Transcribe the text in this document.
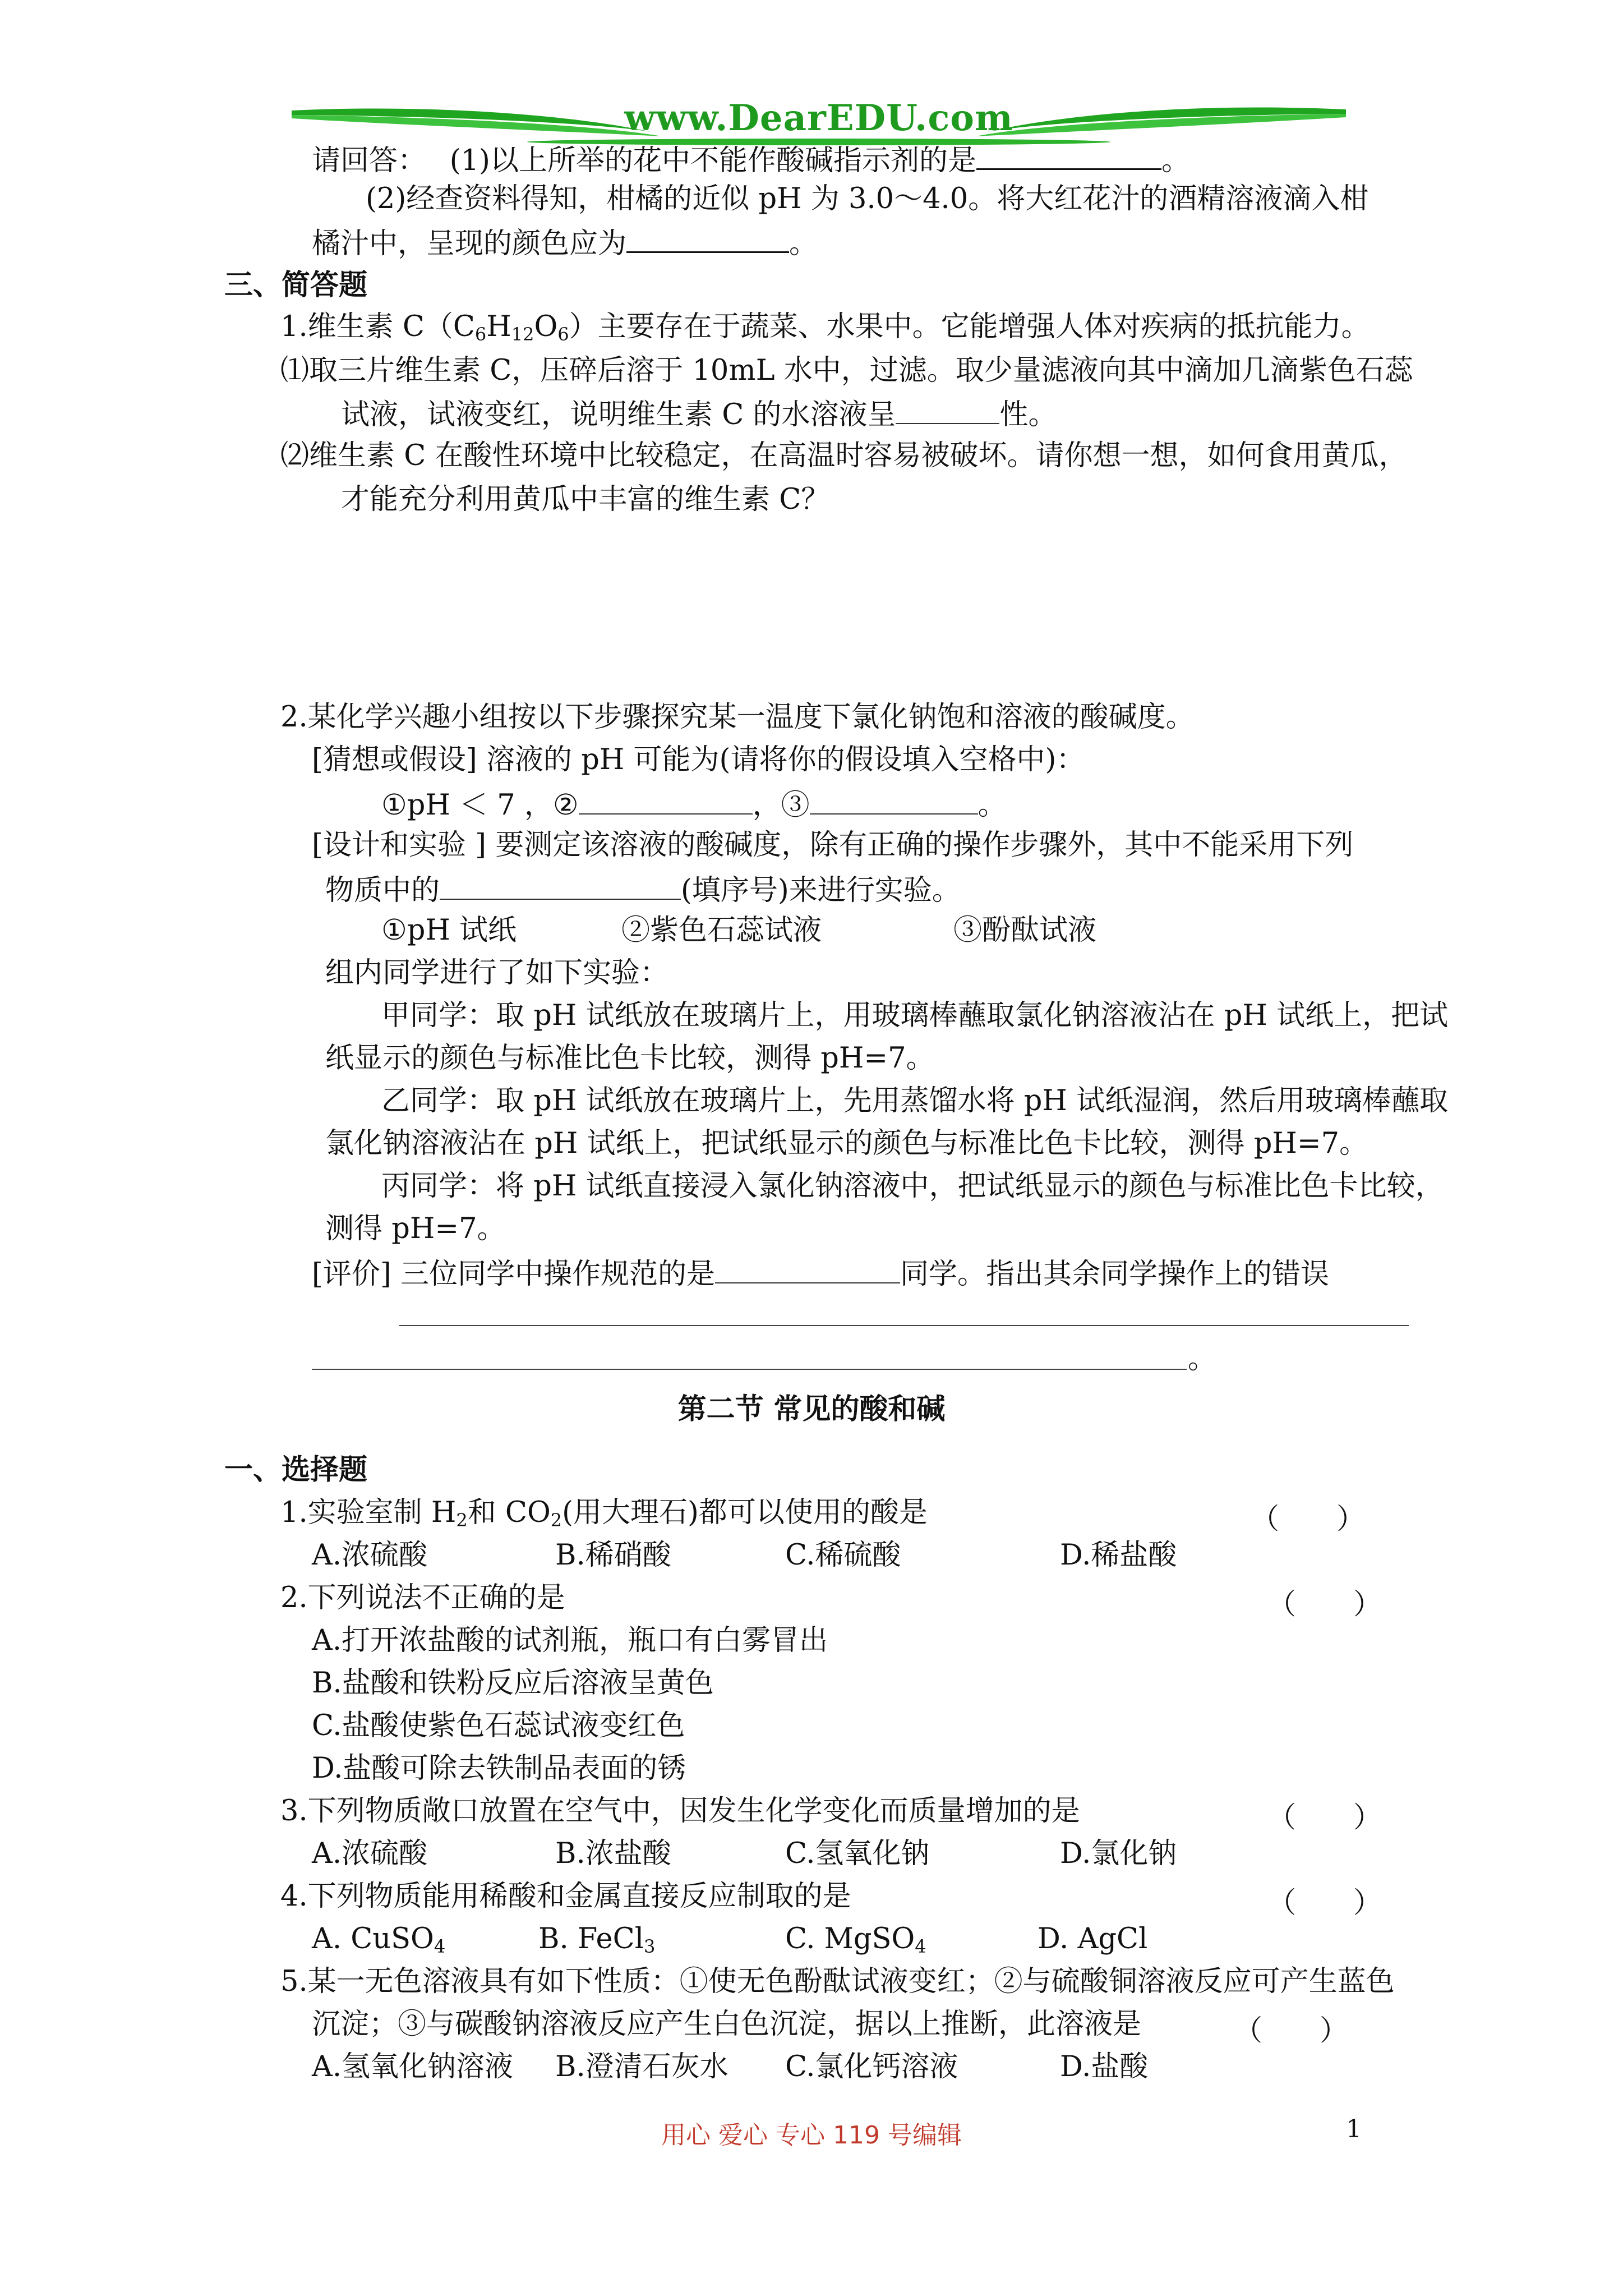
www.DearEDU.com
请回答：　 (1)以上所举的花中不能作酸碱指示剂的是	。
(2)经查资料得知，柑橘的近似 pH 为 3.0～4.0。将大红花汁的酒精溶液滴入柑
橘汁中，呈现的颜色应为	。
三、简答题
1.维生素 $C(C_6H_{12}O_6)$主要存在于蔬菜、水果中。它能增强人体对疾病的抵抗能力。
⑴取三片维生素 C，压碎后溶于 10mL 水中，过滤。取少量滤液向其中滴加几滴紫色石蕊
试液，试液变红，说明维生素 C 的水溶液呈	性。
⑵维生素 C 在酸性环境中比较稳定，在高温时容易被破坏。请你想一想，如何食用黄瓜，
才能充分利用黄瓜中丰富的维生素 C？
2.某化学兴趣小组按以下步骤探究某一温度下氯化钠饱和溶液的酸碱度。
[猜想或假设] 溶液的 pH 可能为(请将你的假设填入空格中)：
①pH ＜ 7 ，②	，③	。
[设计和实验 ] 要测定该溶液的酸碱度，除有正确的操作步骤外，其中不能采用下列
物质中的	(填序号)来进行实验。
①pH 试纸	②紫色石蕊试液	③酚酞试液
组内同学进行了如下实验：
甲同学：取 pH 试纸放在玻璃片上，用玻璃棒蘸取氯化钠溶液沾在 pH 试纸上，把试
纸显示的颜色与标准比色卡比较，测得 pH=7。
乙同学：取 pH 试纸放在玻璃片上，先用蒸馏水将 pH 试纸湿润，然后用玻璃棒蘸取
氯化钠溶液沾在 pH 试纸上，把试纸显示的颜色与标准比色卡比较，测得 pH=7。
丙同学：将 pH 试纸直接浸入氯化钠溶液中，把试纸显示的颜色与标准比色卡比较，
测得 pH=7。
[评价] 三位同学中操作规范的是	同学。指出其余同学操作上的错误
。
第二节 常见的酸和碱
一、选择题
1.实验室制 $H_2$和 $CO_2$(用大理石)都可以使用的酸是	（　　）
A.浓硫酸	B.稀硝酸	C.稀硫酸	D.稀盐酸
2.下列说法不正确的是	（　　）
A.打开浓盐酸的试剂瓶，瓶口有白雾冒出
B.盐酸和铁粉反应后溶液呈黄色
C.盐酸使紫色石蕊试液变红色
D.盐酸可除去铁制品表面的锈
3.下列物质敞口放置在空气中，因发生化学变化而质量增加的是	（　　）
A.浓硫酸	B.浓盐酸	C.氢氧化钠	D.氯化钠
4.下列物质能用稀酸和金属直接反应制取的是	（　　）
A. CuSO$_4$	B. FeCl$_3$	C. MgSO$_4$	D. AgCl
5.某一无色溶液具有如下性质：①使无色酚酞试液变红；②与硫酸铜溶液反应可产生蓝色
沉淀；③与碳酸钠溶液反应产生白色沉淀，据以上推断，此溶液是	（　　）
A.氢氧化钠溶液 B.澄清石灰水 C.氯化钙溶液	D.盐酸
用心 爱心 专心 119 号编辑	1
